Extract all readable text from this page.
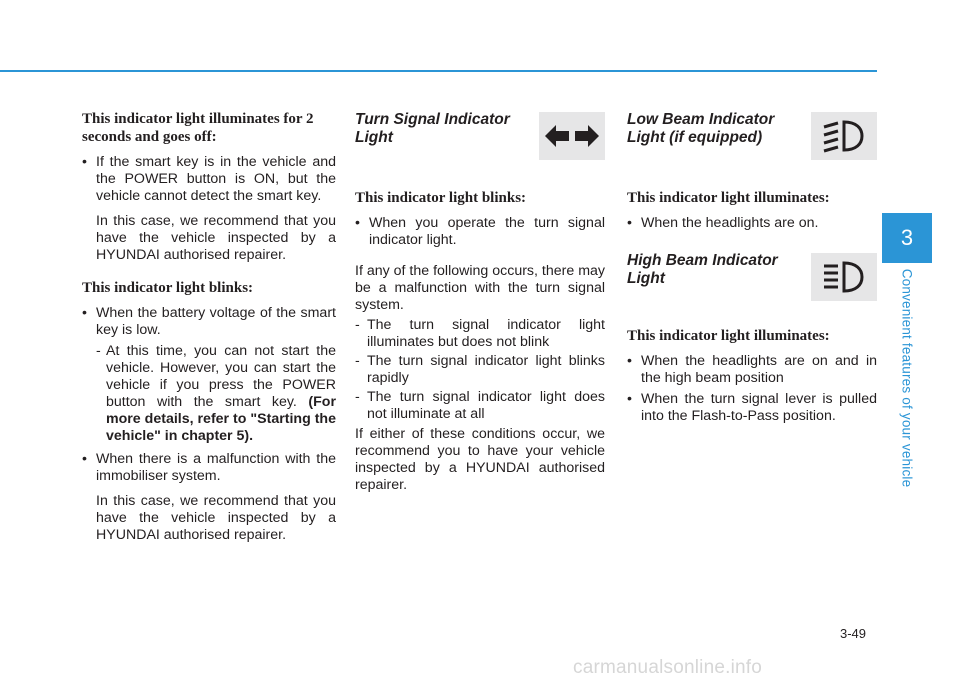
This indicator light illuminates for 2 seconds and goes off:
• If the smart key is in the vehicle and the POWER button is ON, but the vehicle cannot detect the smart key.
In this case, we recommend that you have the vehicle inspected by a HYUNDAI authorised repairer.
This indicator light blinks:
• When the battery voltage of the smart key is low.
- At this time, you can not start the vehicle. However, you can start the vehicle if you press the POWER button with the smart key. (For more details, refer to "Starting the vehicle" in chapter 5).
• When there is a malfunction with the immobiliser system.
In this case, we recommend that you have the vehicle inspected by a HYUNDAI authorised repairer.
Turn Signal Indicator Light
This indicator light blinks:
• When you operate the turn signal indicator light.

If any of the following occurs, there may be a malfunction with the turn signal system.

- The turn signal indicator light illuminates but does not blink
- The turn signal indicator light blinks rapidly
- The turn signal indicator light does not illuminate at all

If either of these conditions occur, we recommend you to have your vehicle inspected by a HYUNDAI authorised repairer.

Low Beam Indicator Light (if equipped)
This indicator light illuminates:
• When the headlights are on.
High Beam Indicator Light
This indicator light illuminates:
• When the headlights are on and in the high beam position
• When the turn signal lever is pulled into the Flash-to-Pass position.
3
Convenient features of your vehicle
3-49
carmanualsonline.info
